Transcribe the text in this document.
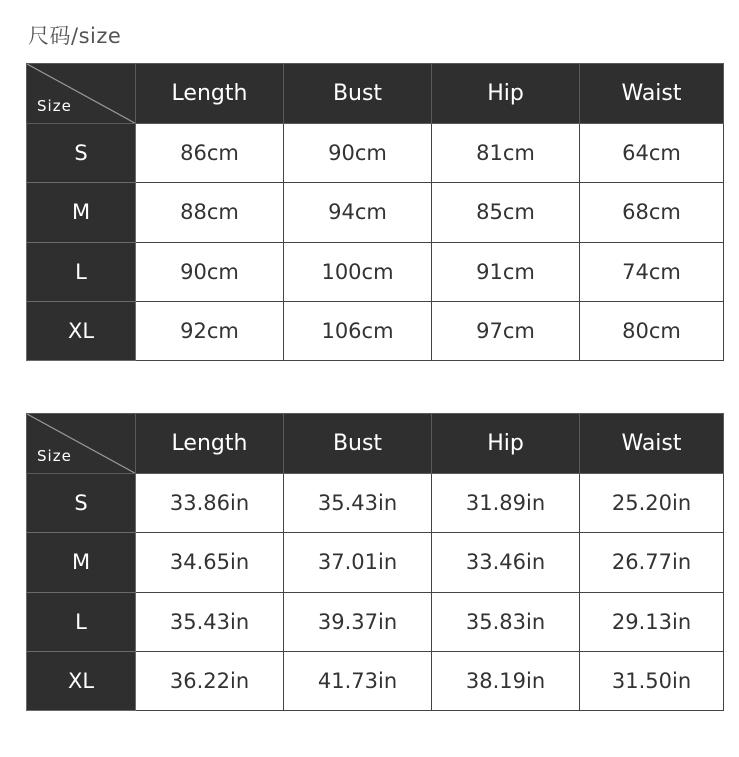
尺码/size
Size	Length	Bust	Hip	Waist
S	86cm	90cm	81cm	64cm
M	88cm	94cm	85cm	68cm
L	90cm	100cm	91cm	74cm
XL	92cm	106cm	97cm	80cm
Size	Length	Bust	Hip	Waist
S	33.86in	35.43in	31.89in	25.20in
M	34.65in	37.01in	33.46in	26.77in
L	35.43in	39.37in	35.83in	29.13in
XL	36.22in	41.73in	38.19in	31.50in
